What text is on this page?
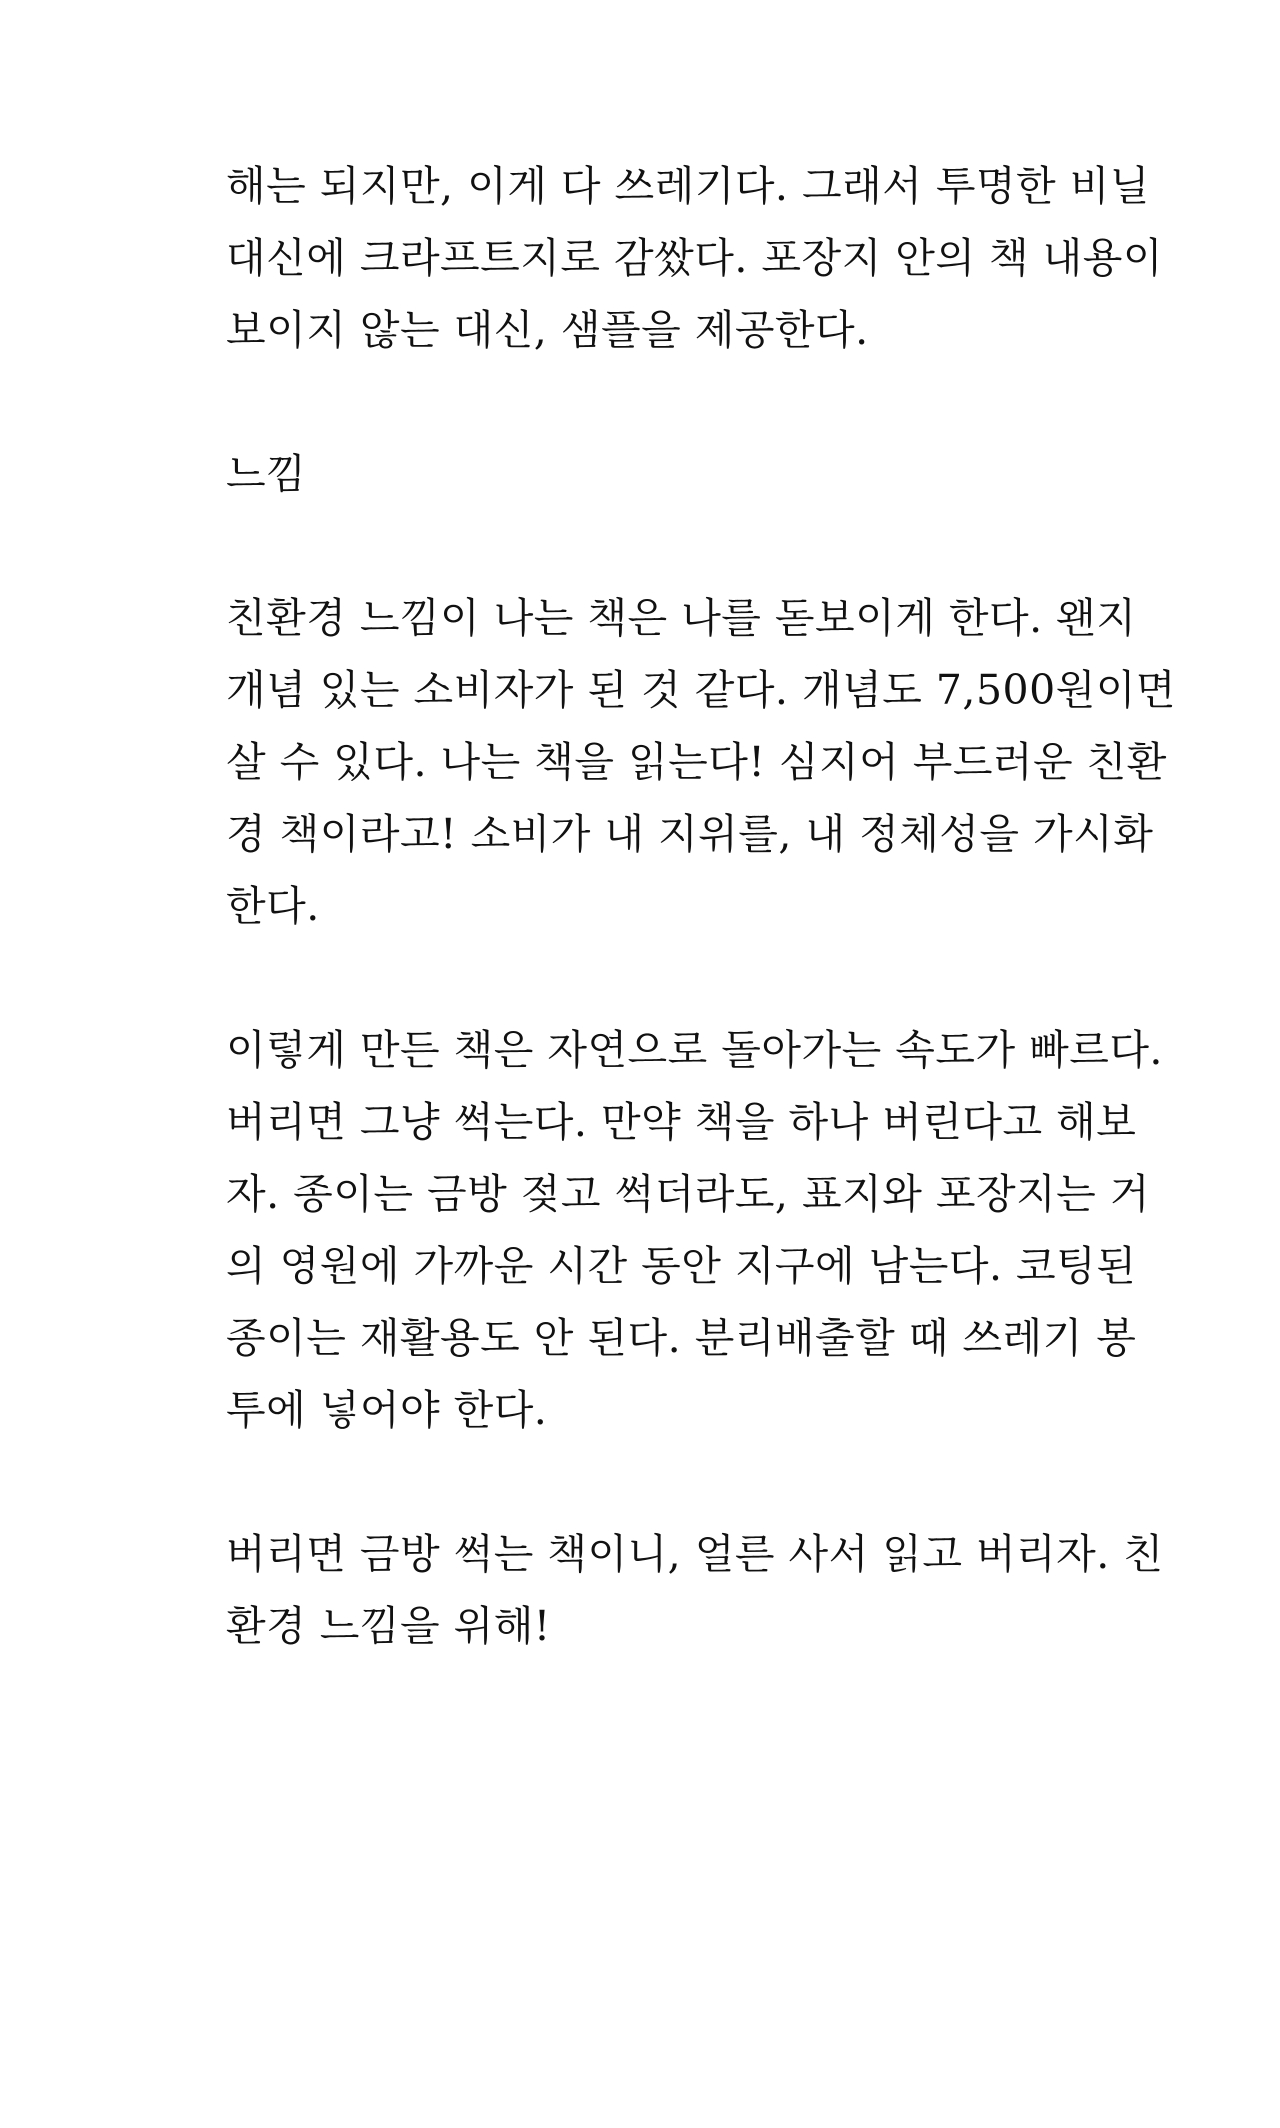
해는 되지만, 이게 다 쓰레기다. 그래서 투명한 비닐

대신에 크라프트지로 감쌌다. 포장지 안의 책 내용이

보이지 않는 대신, 샘플을 제공한다.

느낌

친환경 느낌이 나는 책은 나를 돋보이게 한다. 왠지

개념 있는 소비자가 된 것 같다. 개념도 7,500원이면

살 수 있다. 나는 책을 읽는다! 심지어 부드러운 친환

경 책이라고! 소비가 내 지위를, 내 정체성을 가시화

한다.

이렇게 만든 책은 자연으로 돌아가는 속도가 빠르다.

버리면 그냥 썩는다. 만약 책을 하나 버린다고 해보

자. 종이는 금방 젖고 썩더라도, 표지와 포장지는 거

의 영원에 가까운 시간 동안 지구에 남는다. 코팅된

종이는 재활용도 안 된다. 분리배출할 때 쓰레기 봉

투에 넣어야 한다.

버리면 금방 썩는 책이니, 얼른 사서 읽고 버리자. 친

환경 느낌을 위해!
